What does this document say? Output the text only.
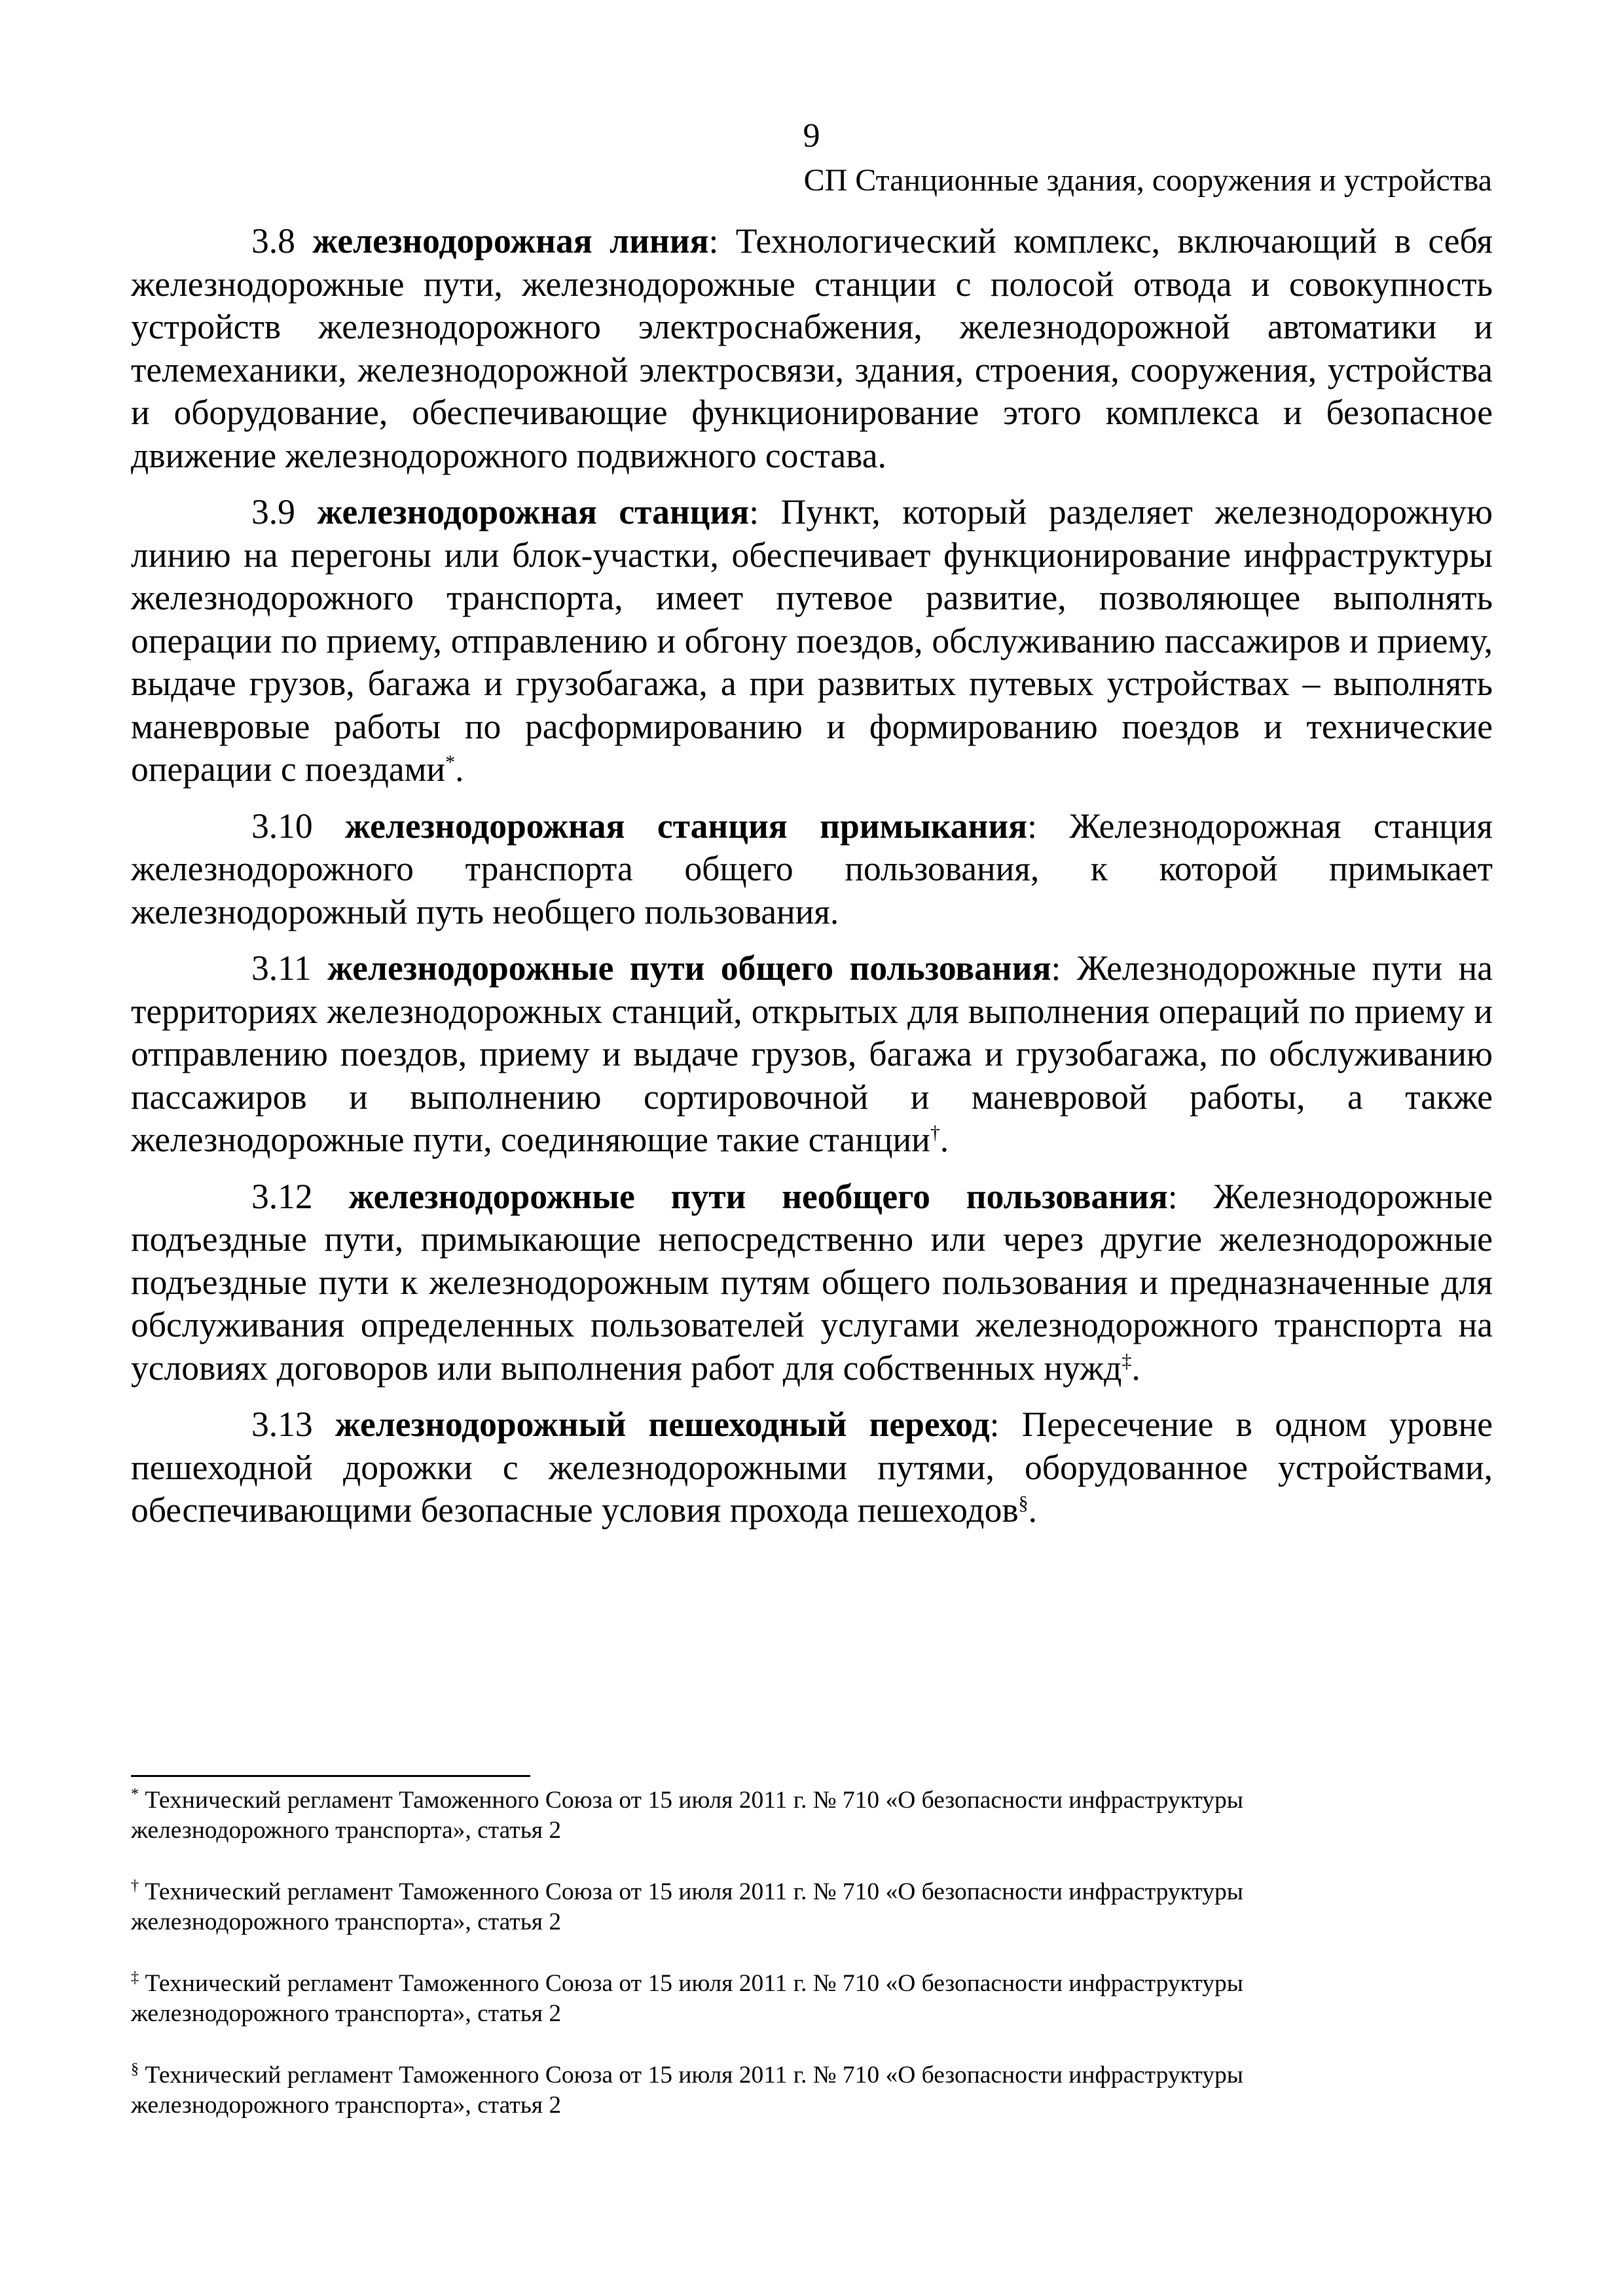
9
СП Станционные здания, сооружения и устройства

3.8 железнодорожная линия: Технологический комплекс, включающий в себя железнодорожные пути, железнодорожные станции с полосой отвода и совокупность устройств железнодорожного электроснабжения, железнодорожной автоматики и телемеханики, железнодорожной электросвязи, здания, строения, сооружения, устройства и оборудование, обеспечивающие функционирование этого комплекса и безопасное движение железнодорожного подвижного состава.

3.9 железнодорожная станция: Пункт, который разделяет железнодорожную линию на перегоны или блок-участки, обеспечивает функционирование инфраструктуры железнодорожного транспорта, имеет путевое развитие, позволяющее выполнять операции по приему, отправлению и обгону поездов, обслуживанию пассажиров и приему, выдаче грузов, багажа и грузобагажа, а при развитых путевых устройствах – выполнять маневровые работы по расформированию и формированию поездов и технические операции с поездами*.

3.10 железнодорожная станция примыкания: Железнодорожная станция железнодорожного транспорта общего пользования, к которой примыкает железнодорожный путь необщего пользования.

3.11 железнодорожные пути общего пользования: Железнодорожные пути на территориях железнодорожных станций, открытых для выполнения операций по приему и отправлению поездов, приему и выдаче грузов, багажа и грузобагажа, по обслуживанию пассажиров и выполнению сортировочной и маневровой работы, а также железнодорожные пути, соединяющие такие станции†.

3.12 железнодорожные пути необщего пользования: Железнодорожные подъездные пути, примыкающие непосредственно или через другие железнодорожные подъездные пути к железнодорожным путям общего пользования и предназначенные для обслуживания определенных пользователей услугами железнодорожного транспорта на условиях договоров или выполнения работ для собственных нужд‡.

3.13 железнодорожный пешеходный переход: Пересечение в одном уровне пешеходной дорожки с железнодорожными путями, оборудованное устройствами, обеспечивающими безопасные условия прохода пешеходов§.

* Технический регламент Таможенного Союза от 15 июля 2011 г. № 710 «О безопасности инфраструктуры железнодорожного транспорта», статья 2

† Технический регламент Таможенного Союза от 15 июля 2011 г. № 710 «О безопасности инфраструктуры железнодорожного транспорта», статья 2

‡ Технический регламент Таможенного Союза от 15 июля 2011 г. № 710 «О безопасности инфраструктуры железнодорожного транспорта», статья 2

§ Технический регламент Таможенного Союза от 15 июля 2011 г. № 710 «О безопасности инфраструктуры железнодорожного транспорта», статья 2
